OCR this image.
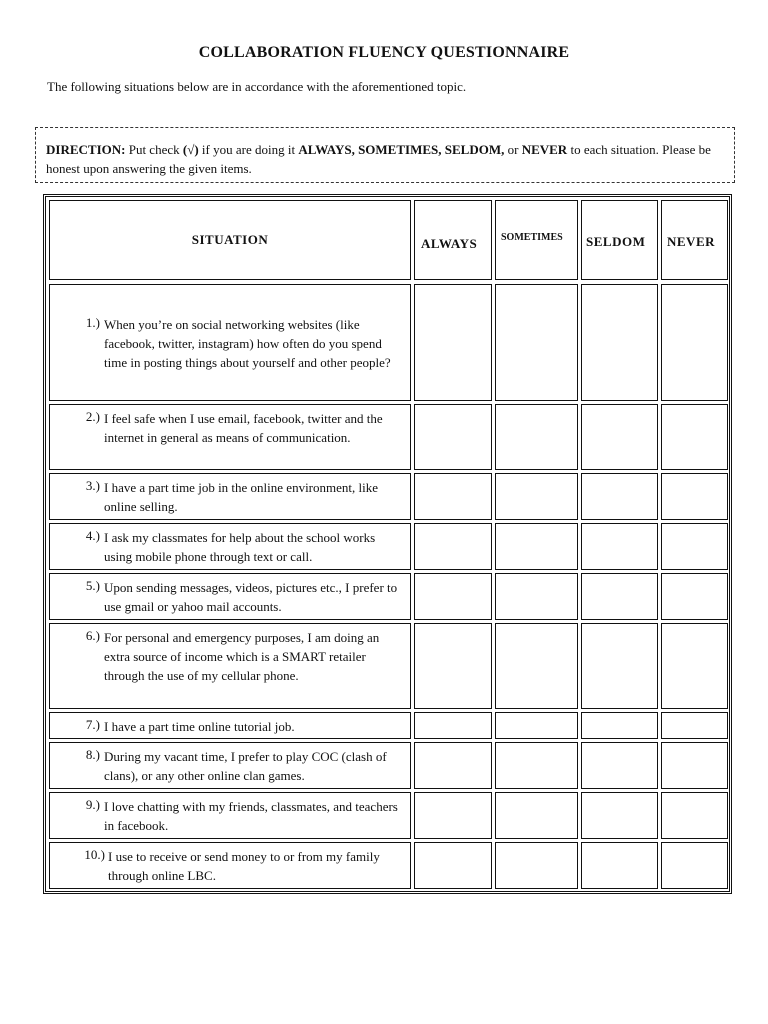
COLLABORATION FLUENCY QUESTIONNAIRE
The following situations below are in accordance with the aforementioned topic.
DIRECTION: Put check (√) if you are doing it ALWAYS, SOMETIMES, SELDOM, or NEVER to each situation. Please be honest upon answering the given items.
SITUATION	ALWAYS	SOMETIMES	SELDOM	NEVER
1.) When you’re on social networking websites (like facebook, twitter, instagram) how often do you spend time in posting things about yourself and other people?
2.) I feel safe when I use email, facebook, twitter and the internet in general as means of communication.
3.) I have a part time job in the online environment, like online selling.
4.) I ask my classmates for help about the school works using mobile phone through text or call.
5.) Upon sending messages, videos, pictures etc., I prefer to use gmail or yahoo mail accounts.
6.) For personal and emergency purposes, I am doing an extra source of income which is a SMART retailer through the use of my cellular phone.
7.) I have a part time online tutorial job.
8.) During my vacant time, I prefer to play COC (clash of clans), or any other online clan games.
9.) I love chatting with my friends, classmates, and teachers in facebook.
10.) I use to receive or send money to or from my family through online LBC.
